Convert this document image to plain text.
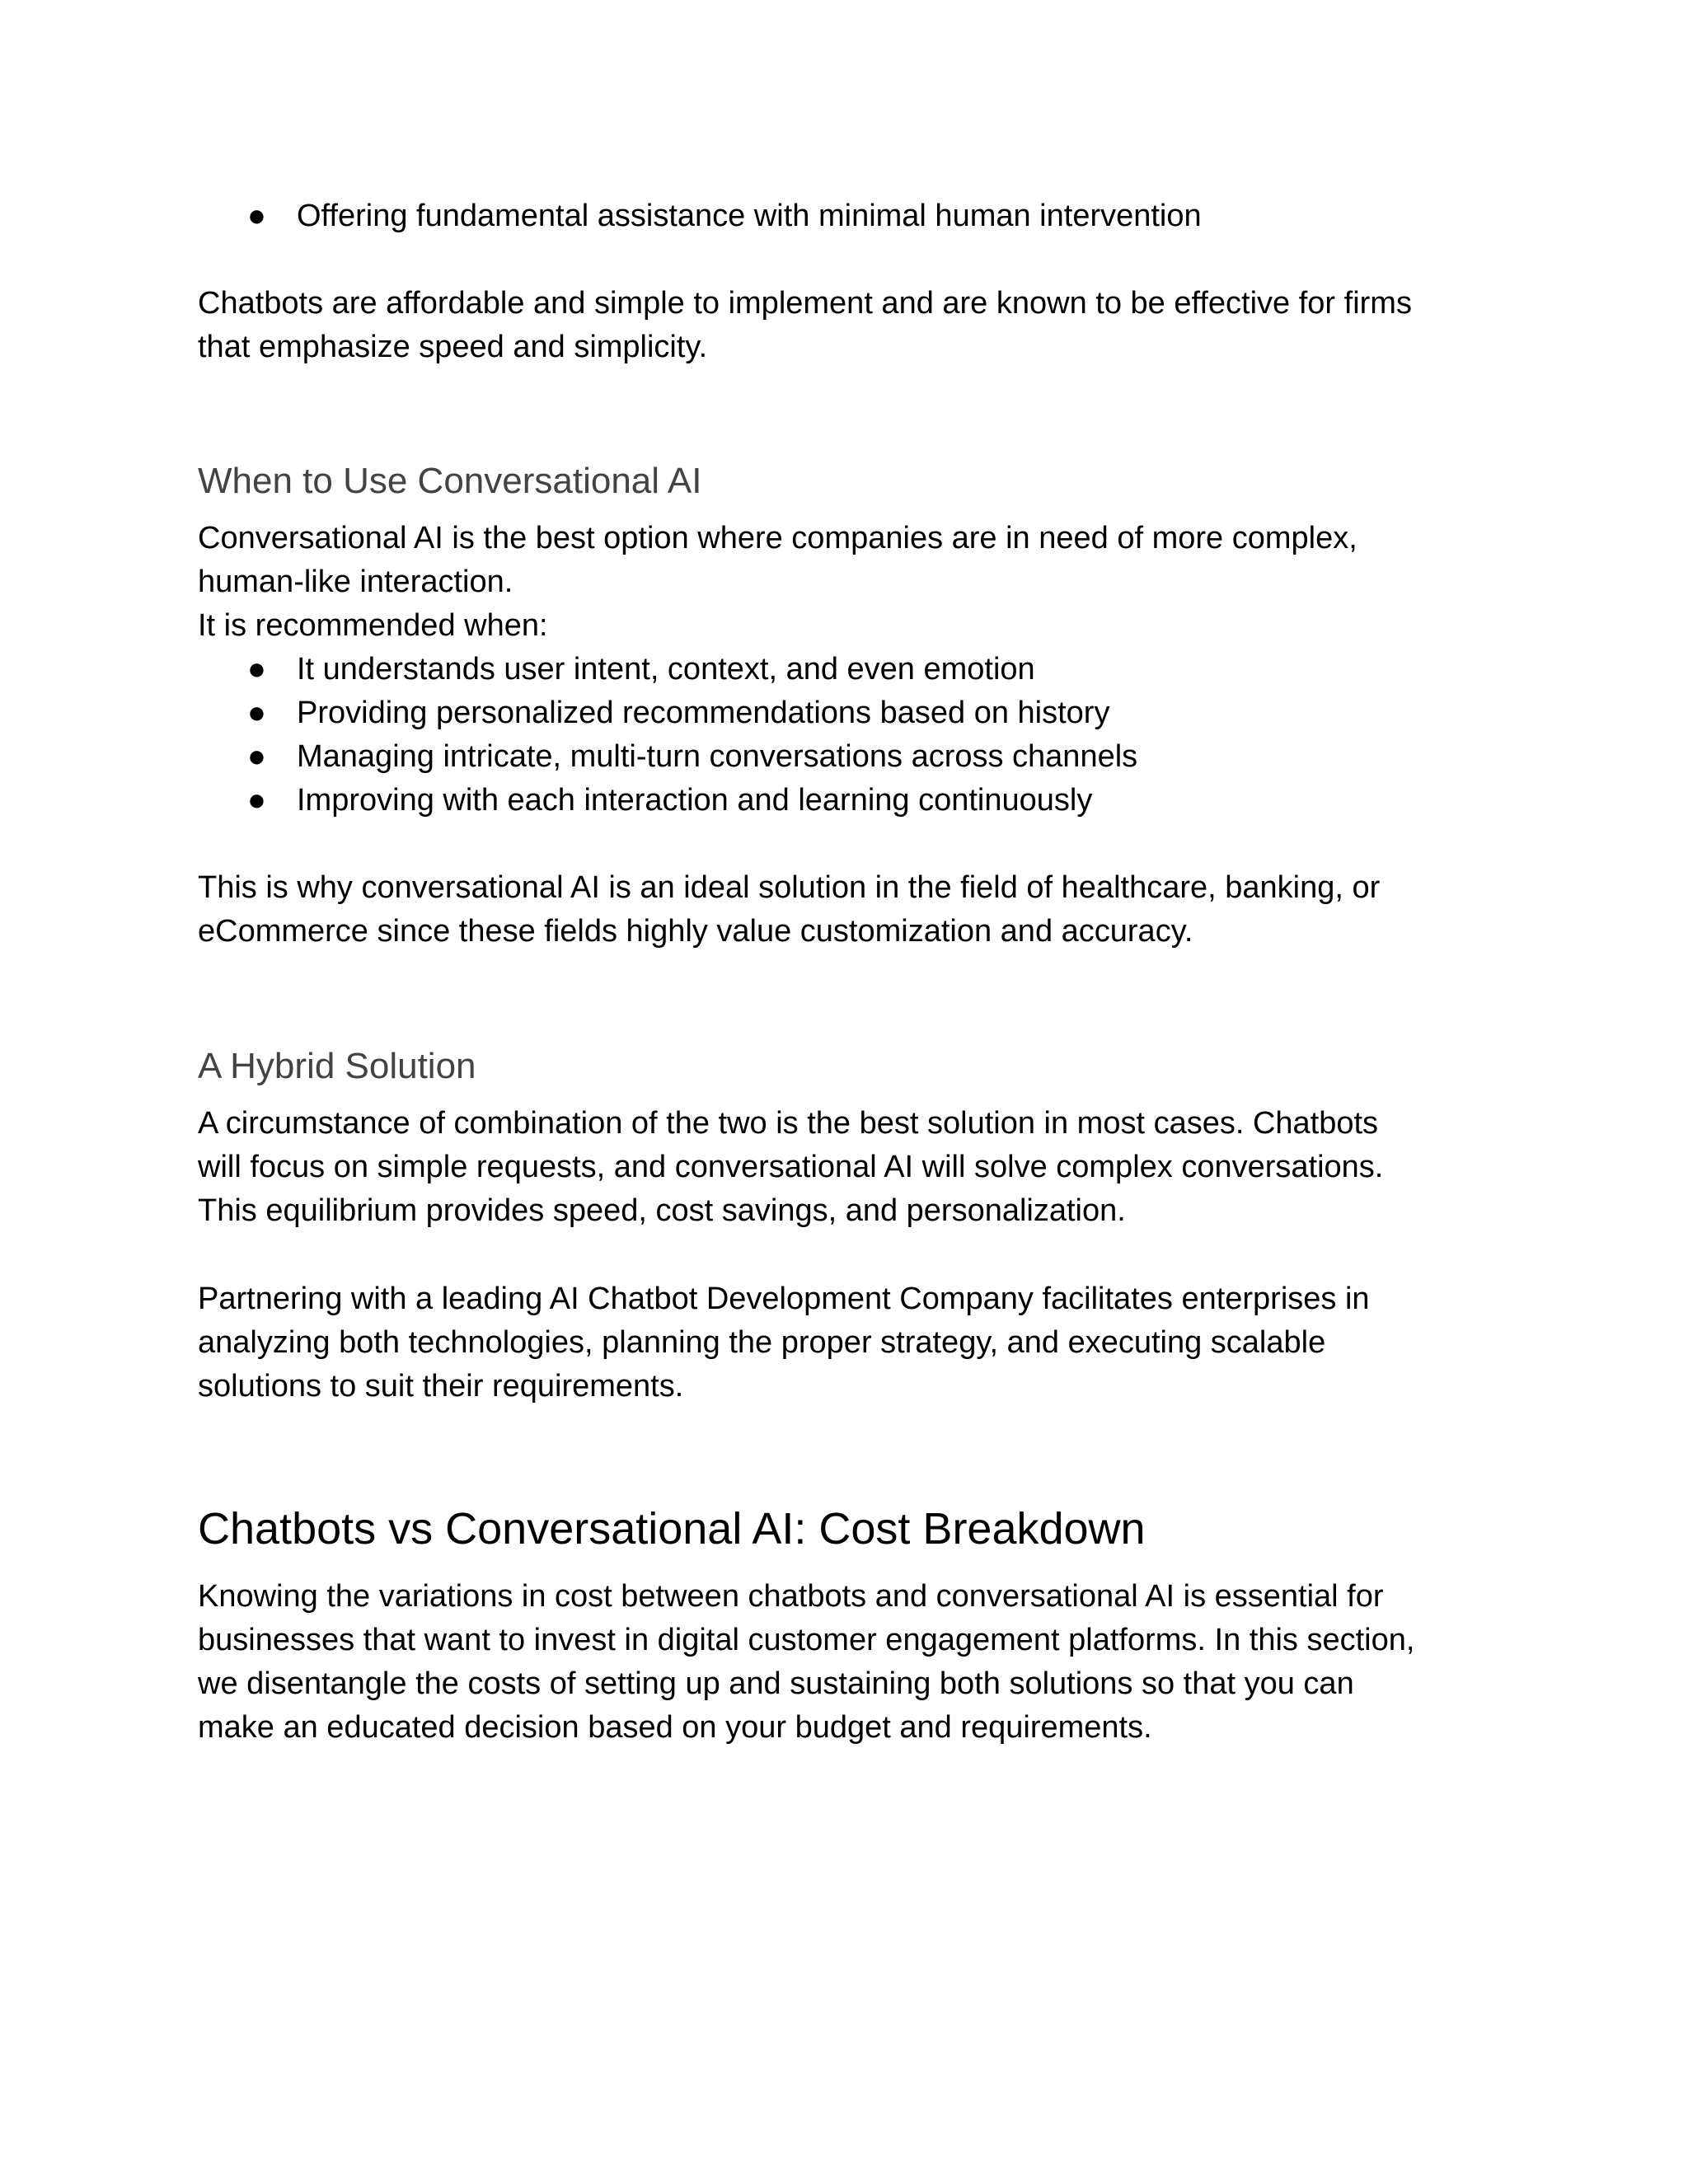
● Offering fundamental assistance with minimal human intervention

Chatbots are affordable and simple to implement and are known to be effective for firms

that emphasize speed and simplicity.

When to Use Conversational AI

Conversational AI is the best option where companies are in need of more complex,

human-like interaction.

It is recommended when:

● It understands user intent, context, and even emotion
● Providing personalized recommendations based on history
● Managing intricate, multi-turn conversations across channels
● Improving with each interaction and learning continuously

This is why conversational AI is an ideal solution in the field of healthcare, banking, or

eCommerce since these fields highly value customization and accuracy.

A Hybrid Solution

A circumstance of combination of the two is the best solution in most cases. Chatbots

will focus on simple requests, and conversational AI will solve complex conversations.

This equilibrium provides speed, cost savings, and personalization.

Partnering with a leading AI Chatbot Development Company facilitates enterprises in

analyzing both technologies, planning the proper strategy, and executing scalable

solutions to suit their requirements.

Chatbots vs Conversational AI: Cost Breakdown

Knowing the variations in cost between chatbots and conversational AI is essential for

businesses that want to invest in digital customer engagement platforms. In this section,

we disentangle the costs of setting up and sustaining both solutions so that you can

make an educated decision based on your budget and requirements.
